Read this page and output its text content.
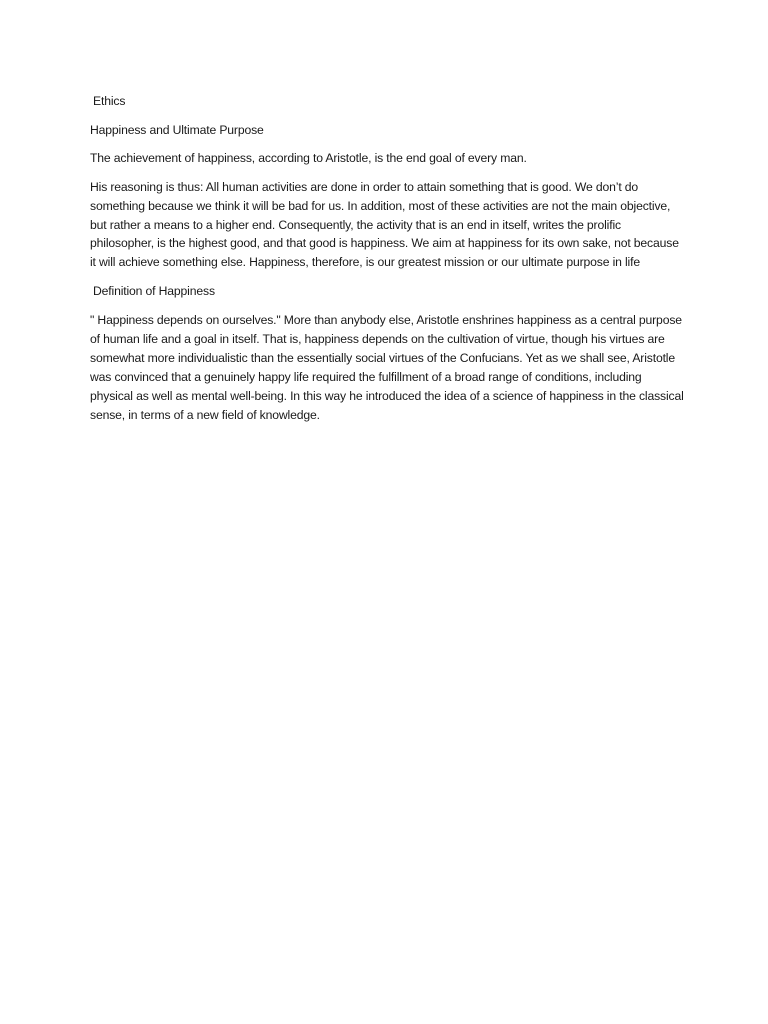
Ethics

Happiness and Ultimate Purpose

The achievement of happiness, according to Aristotle, is the end goal of every man.

His reasoning is thus: All human activities are done in order to attain something that is good. We don’t do something because we think it will be bad for us. In addition, most of these activities are not the main objective, but rather a means to a higher end. Consequently, the activity that is an end in itself, writes the prolific philosopher, is the highest good, and that good is happiness. We aim at happiness for its own sake, not because it will achieve something else. Happiness, therefore, is our greatest mission or our ultimate purpose in life

Definition of Happiness

" Happiness depends on ourselves." More than anybody else, Aristotle enshrines happiness as a central purpose of human life and a goal in itself. That is, happiness depends on the cultivation of virtue, though his virtues are somewhat more individualistic than the essentially social virtues of the Confucians. Yet as we shall see, Aristotle was convinced that a genuinely happy life required the fulfillment of a broad range of conditions, including physical as well as mental well-being. In this way he introduced the idea of a science of happiness in the classical sense, in terms of a new field of knowledge.
